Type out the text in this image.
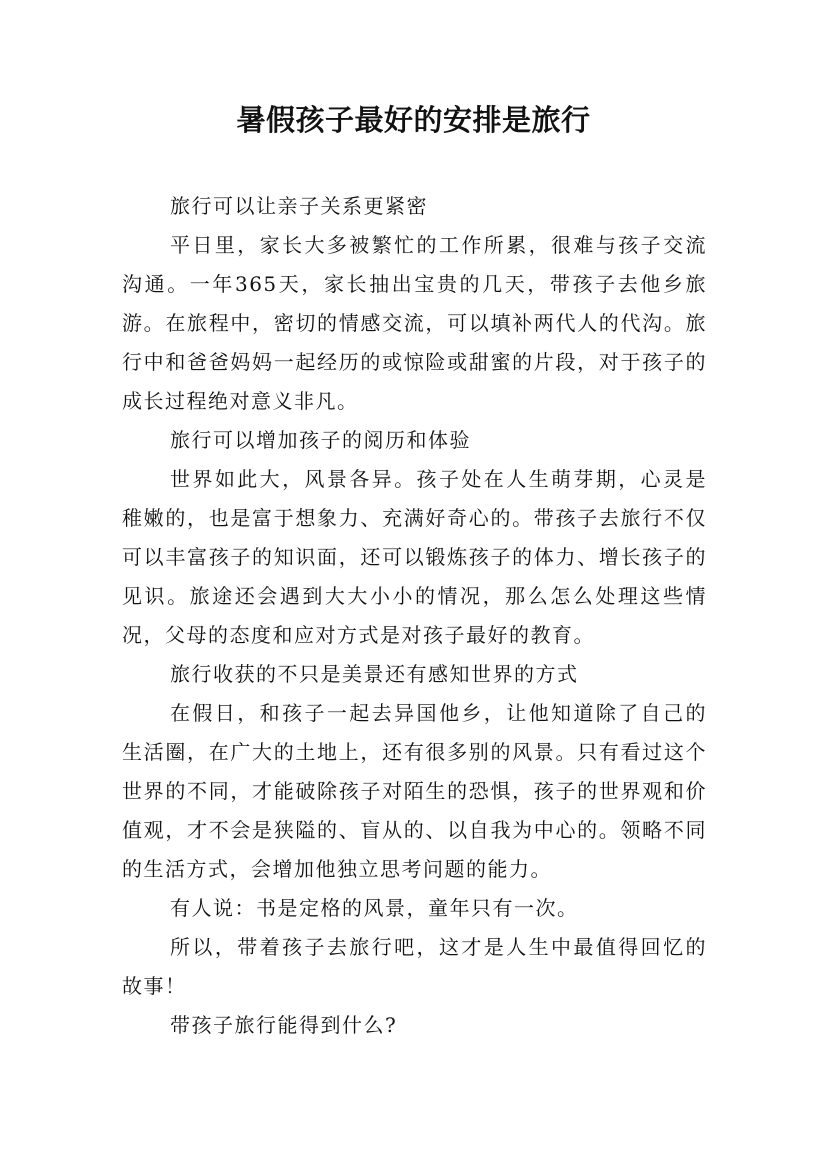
暑假孩子最好的安排是旅行

旅行可以让亲子关系更紧密

平日里，家长大多被繁忙的工作所累，很难与孩子交流沟通。一年365天，家长抽出宝贵的几天，带孩子去他乡旅游。在旅程中，密切的情感交流，可以填补两代人的代沟。旅行中和爸爸妈妈一起经历的或惊险或甜蜜的片段，对于孩子的成长过程绝对意义非凡。

旅行可以增加孩子的阅历和体验

世界如此大，风景各异。孩子处在人生萌芽期，心灵是稚嫩的，也是富于想象力、充满好奇心的。带孩子去旅行不仅可以丰富孩子的知识面，还可以锻炼孩子的体力、增长孩子的见识。旅途还会遇到大大小小的情况，那么怎么处理这些情况，父母的态度和应对方式是对孩子最好的教育。

旅行收获的不只是美景还有感知世界的方式

在假日，和孩子一起去异国他乡，让他知道除了自己的生活圈，在广大的土地上，还有很多别的风景。只有看过这个世界的不同，才能破除孩子对陌生的恐惧，孩子的世界观和价值观，才不会是狭隘的、盲从的、以自我为中心的。领略不同的生活方式，会增加他独立思考问题的能力。

有人说：书是定格的风景，童年只有一次。

所以，带着孩子去旅行吧，这才是人生中最值得回忆的故事！

带孩子旅行能得到什么?
